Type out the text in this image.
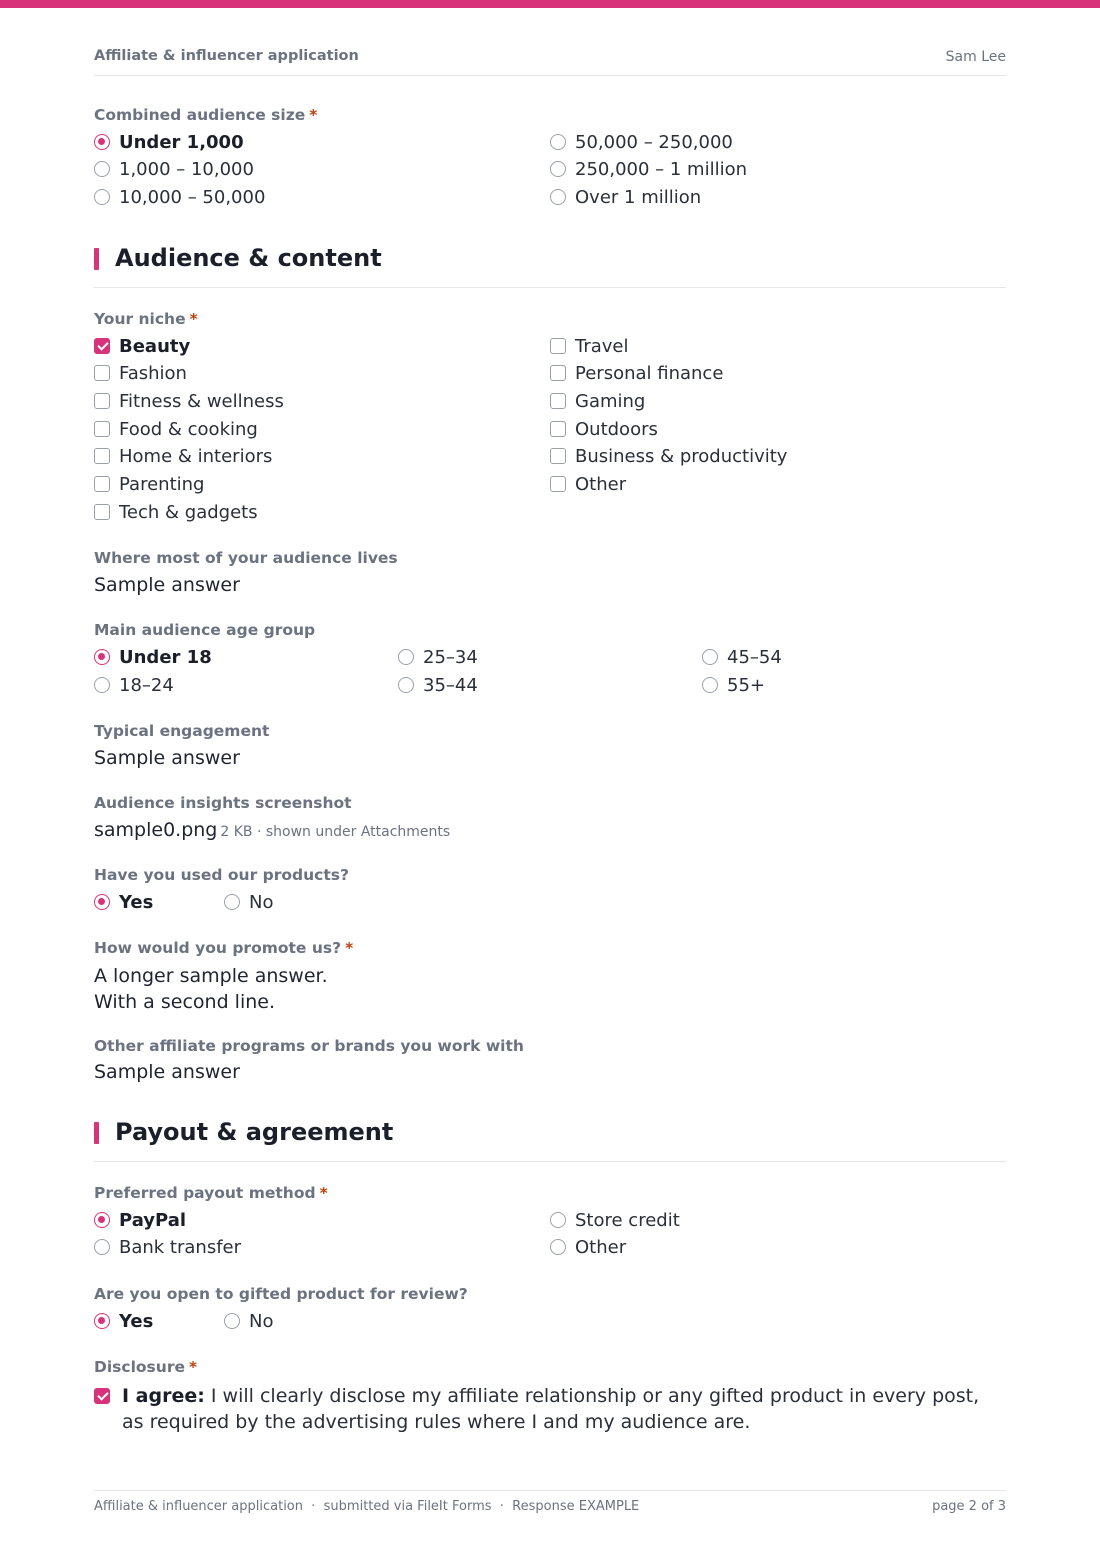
Affiliate & influencer application	Sam Lee
Combined audience size *
Under 1,000
1,000 – 10,000
10,000 – 50,000
50,000 – 250,000
250,000 – 1 million
Over 1 million
Audience & content
Your niche *
Beauty
Fashion
Fitness & wellness
Food & cooking
Home & interiors
Parenting
Tech & gadgets
Travel
Personal finance
Gaming
Outdoors
Business & productivity
Other
Where most of your audience lives
Sample answer
Main audience age group
Under 18
18–24
25–34
35–44
45–54
55+
Typical engagement
Sample answer
Audience insights screenshot
sample0.png 2 KB · shown under Attachments
Have you used our products?
Yes	No
How would you promote us? *
A longer sample answer.
With a second line.
Other affiliate programs or brands you work with
Sample answer
Payout & agreement
Preferred payout method *
PayPal
Bank transfer
Store credit
Other
Are you open to gifted product for review?
Yes	No
Disclosure *
I agree: I will clearly disclose my affiliate relationship or any gifted product in every post, as required by the advertising rules where I and my audience are.
Affiliate & influencer application  ·  submitted via FileIt Forms  ·  Response EXAMPLE	page 2 of 3
